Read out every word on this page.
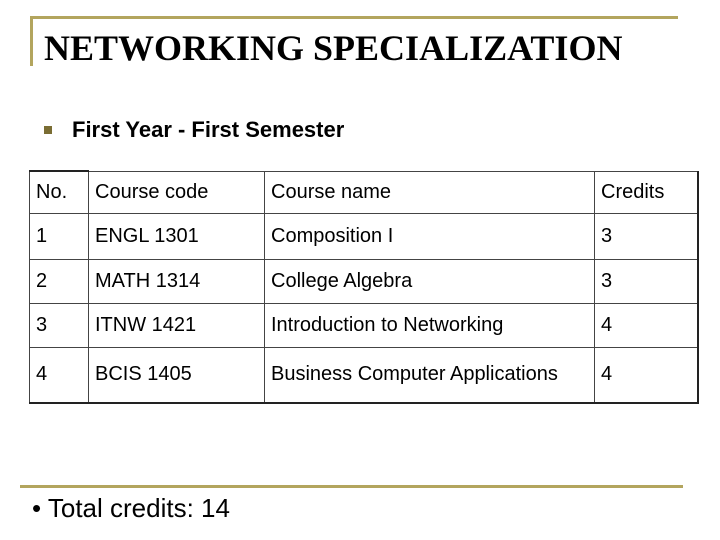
NETWORKING SPECIALIZATION
First Year - First Semester
No.	Course code	Course name	Credits
1	ENGL 1301	Composition I	3
2	MATH 1314	College Algebra	3
3	ITNW 1421	Introduction to Networking	4
4	BCIS 1405	Business Computer Applications	4
• Total credits: 14
